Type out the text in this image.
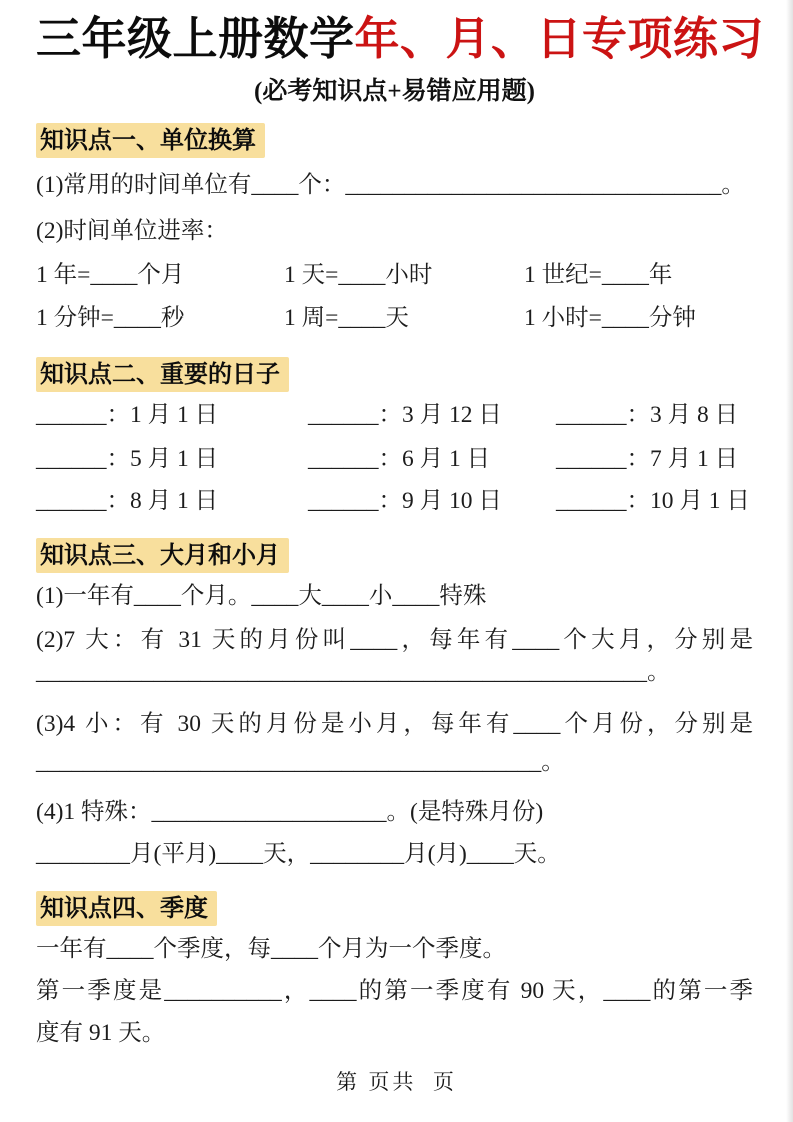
三年级上册数学年、月、日专项练习
(必考知识点+易错应用题)
知识点一、单位换算

(1)常用的时间单位有____个：________________________________。

(2)时间单位进率：

1 年=____个月	1 天=____小时	1 世纪=____年
1 分钟=____秒	1 周=____天	1 小时=____分钟
知识点二、重要的日子
______：1 月 1 日	______：3 月 12 日	______：3 月 8 日
______：5 月 1 日	______：6 月 1 日	______：7 月 1 日
______：8 月 1 日	______：9 月 10 日	______：10 月 1 日
知识点三、大月和小月

(1)一年有____个月。____大____小____特殊

(2)7 大：有 31 天的月份叫____，每年有____个大月，分别是

____________________________________________________。

(3)4 小：有 30 天的月份是小月，每年有____个月份，分别是

___________________________________________。

(4)1 特殊：____________________。(是特殊月份)

________月(平月)____天，________月(月)____天。

知识点四、季度

一年有____个季度，每____个月为一个季度。

第一季度是__________，____的第一季度有 90 天，____的第一季

度有 91 天。

第 页共  页
